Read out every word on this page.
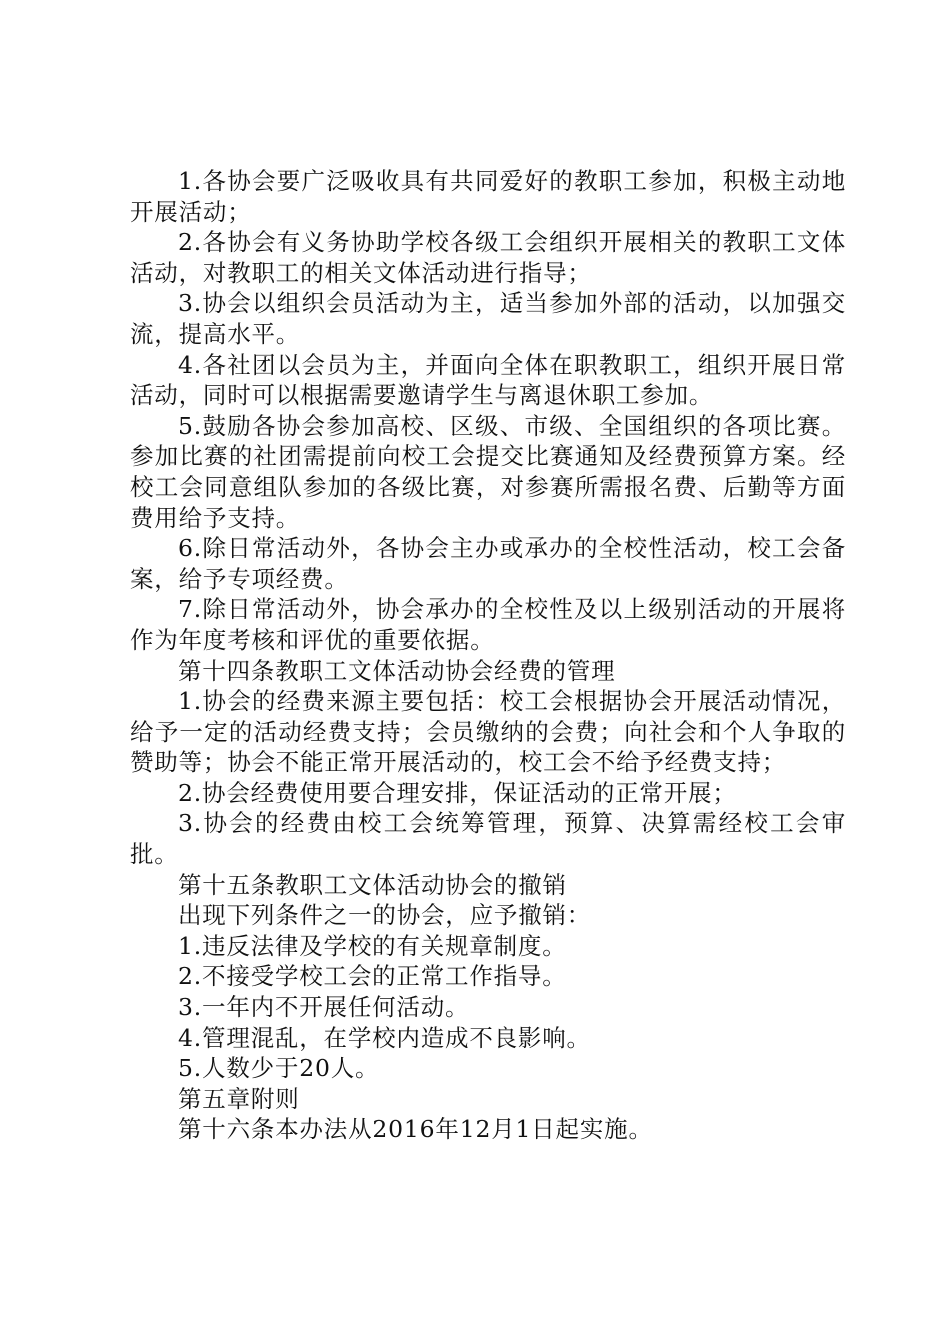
1.各协会要广泛吸收具有共同爱好的教职工参加，积极主动地开展活动；

2.各协会有义务协助学校各级工会组织开展相关的教职工文体活动，对教职工的相关文体活动进行指导；

3.协会以组织会员活动为主，适当参加外部的活动，以加强交流，提高水平。

4.各社团以会员为主，并面向全体在职教职工，组织开展日常活动，同时可以根据需要邀请学生与离退休职工参加。

5.鼓励各协会参加高校、区级、市级、全国组织的各项比赛。参加比赛的社团需提前向校工会提交比赛通知及经费预算方案。经校工会同意组队参加的各级比赛，对参赛所需报名费、后勤等方面费用给予支持。

6.除日常活动外，各协会主办或承办的全校性活动，校工会备案，给予专项经费。

7.除日常活动外，协会承办的全校性及以上级别活动的开展将作为年度考核和评优的重要依据。

第十四条教职工文体活动协会经费的管理

1.协会的经费来源主要包括：校工会根据协会开展活动情况，给予一定的活动经费支持；会员缴纳的会费；向社会和个人争取的赞助等；协会不能正常开展活动的，校工会不给予经费支持；

2.协会经费使用要合理安排，保证活动的正常开展；

3.协会的经费由校工会统筹管理，预算、决算需经校工会审批。

第十五条教职工文体活动协会的撤销

出现下列条件之一的协会，应予撤销：

1.违反法律及学校的有关规章制度。

2.不接受学校工会的正常工作指导。

3.一年内不开展任何活动。

4.管理混乱，在学校内造成不良影响。

5.人数少于20人。

第五章附则

第十六条本办法从2016年12月1日起实施。
